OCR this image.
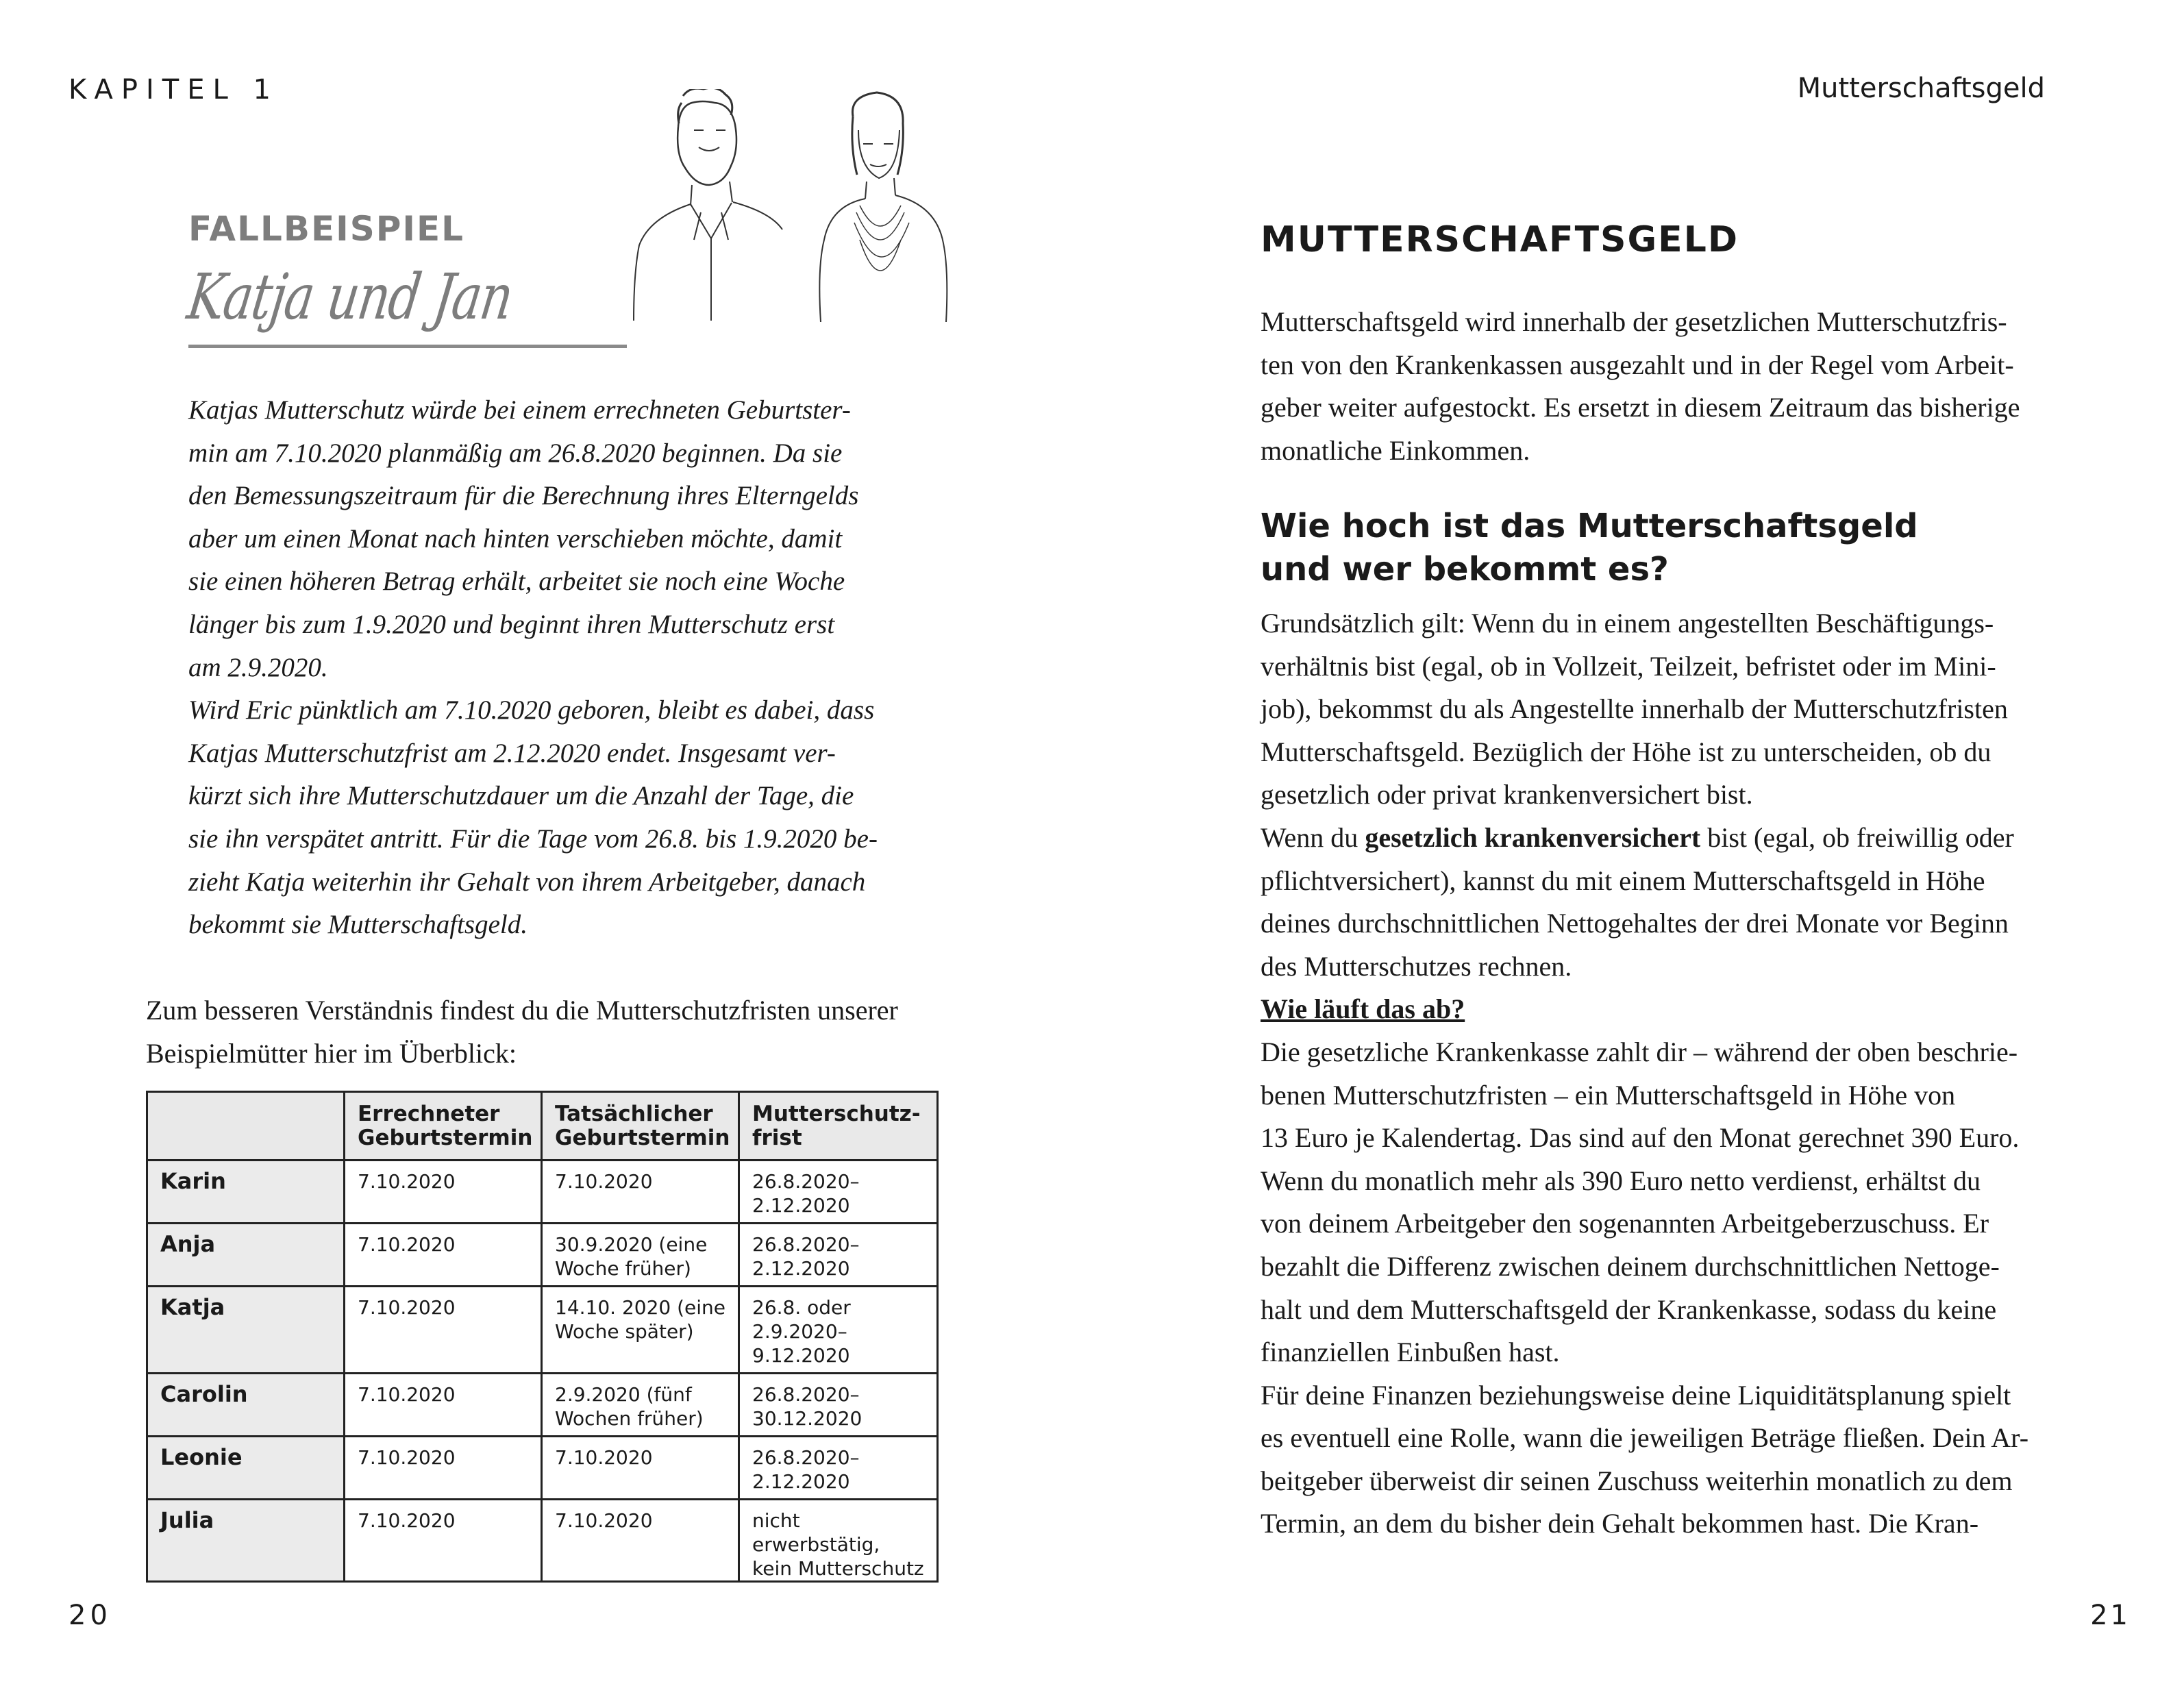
KAPITEL 1	Mutterschaftsgeld
FALLBEISPIEL
Katja und Jan
Katjas Mutterschutz würde bei einem errechneten Geburtster-
min am 7.10.2020 planmäßig am 26.8.2020 beginnen. Da sie
den Bemessungszeitraum für die Berechnung ihres Elterngelds
aber um einen Monat nach hinten verschieben möchte, damit
sie einen höheren Betrag erhält, arbeitet sie noch eine Woche
länger bis zum 1.9.2020 und beginnt ihren Mutterschutz erst
am 2.9.2020.
Wird Eric pünktlich am 7.10.2020 geboren, bleibt es dabei, dass
Katjas Mutterschutzfrist am 2.12.2020 endet. Insgesamt ver-
kürzt sich ihre Mutterschutzdauer um die Anzahl der Tage, die
sie ihn verspätet antritt. Für die Tage vom 26.8. bis 1.9.2020 be-
zieht Katja weiterhin ihr Gehalt von ihrem Arbeitgeber, danach
bekommt sie Mutterschaftsgeld.
Zum besseren Verständnis findest du die Mutterschutzfristen unserer
Beispielmütter hier im Überblick:
	Errechneter Geburtstermin	Tatsächlicher Geburtstermin	Mutterschutz-frist
Karin	7.10.2020	7.10.2020	26.8.2020–2.12.2020
Anja	7.10.2020	30.9.2020 (eine Woche früher)	26.8.2020–2.12.2020
Katja	7.10.2020	14.10. 2020 (eine Woche später)	26.8. oder 2.9.2020–9.12.2020
Carolin	7.10.2020	2.9.2020 (fünf Wochen früher)	26.8.2020–30.12.2020
Leonie	7.10.2020	7.10.2020	26.8.2020–2.12.2020
Julia	7.10.2020	7.10.2020	nicht erwerbstätig, kein Mutterschutz
20	21
MUTTERSCHAFTSGELD
Mutterschaftsgeld wird innerhalb der gesetzlichen Mutterschutzfris-
ten von den Krankenkassen ausgezahlt und in der Regel vom Arbeit-
geber weiter aufgestockt. Es ersetzt in diesem Zeitraum das bisherige
monatliche Einkommen.
Wie hoch ist das Mutterschaftsgeld
und wer bekommt es?
Grundsätzlich gilt: Wenn du in einem angestellten Beschäftigungs-
verhältnis bist (egal, ob in Vollzeit, Teilzeit, befristet oder im Mini-
job), bekommst du als Angestellte innerhalb der Mutterschutzfristen
Mutterschaftsgeld. Bezüglich der Höhe ist zu unterscheiden, ob du
gesetzlich oder privat krankenversichert bist.
Wenn du gesetzlich krankenversichert bist (egal, ob freiwillig oder
pflichtversichert), kannst du mit einem Mutterschaftsgeld in Höhe
deines durchschnittlichen Nettogehaltes der drei Monate vor Beginn
des Mutterschutzes rechnen.
Wie läuft das ab?
Die gesetzliche Krankenkasse zahlt dir – während der oben beschrie-
benen Mutterschutzfristen – ein Mutterschaftsgeld in Höhe von
13 Euro je Kalendertag. Das sind auf den Monat gerechnet 390 Euro.
Wenn du monatlich mehr als 390 Euro netto verdienst, erhältst du
von deinem Arbeitgeber den sogenannten Arbeitgeberzuschuss. Er
bezahlt die Differenz zwischen deinem durchschnittlichen Nettoge-
halt und dem Mutterschaftsgeld der Krankenkasse, sodass du keine
finanziellen Einbußen hast.
Für deine Finanzen beziehungsweise deine Liquiditätsplanung spielt
es eventuell eine Rolle, wann die jeweiligen Beträge fließen. Dein Ar-
beitgeber überweist dir seinen Zuschuss weiterhin monatlich zu dem
Termin, an dem du bisher dein Gehalt bekommen hast. Die Kran-
